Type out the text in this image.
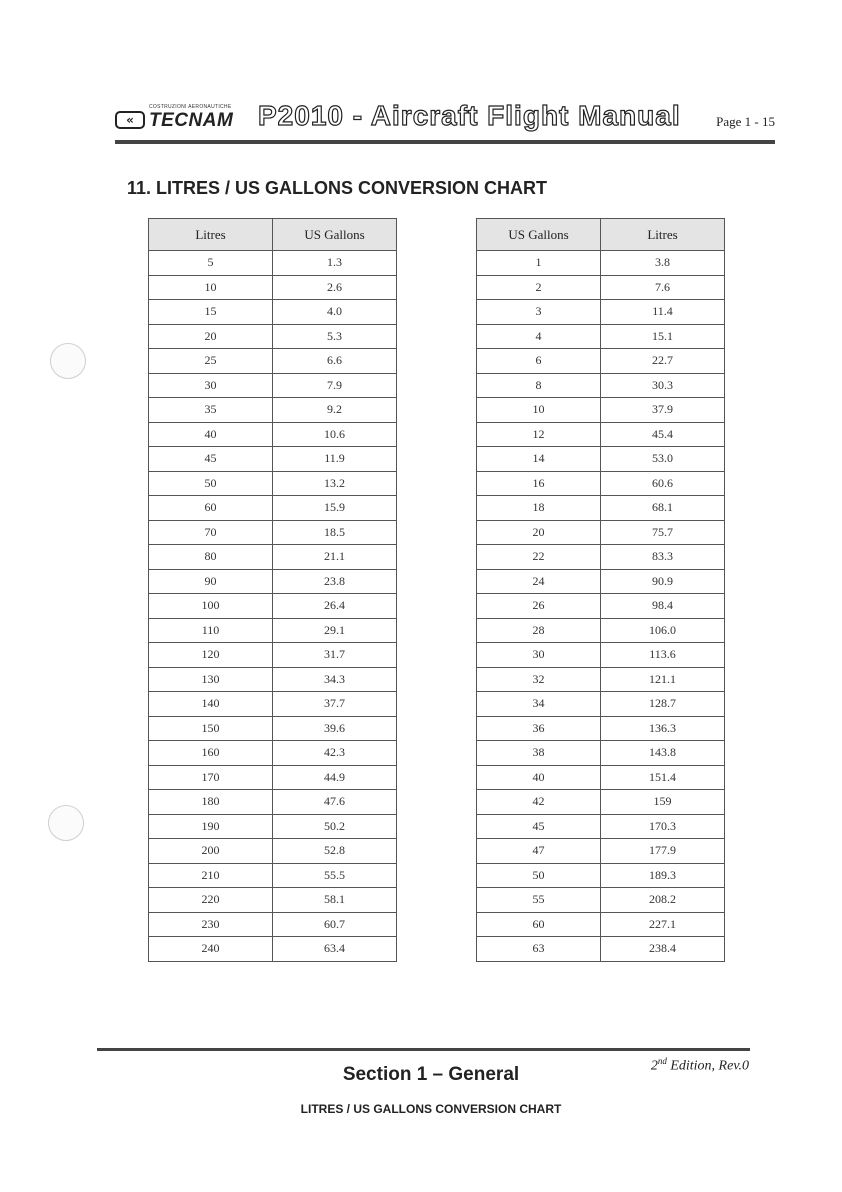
COSTRUZIONI AERONAUTICHE
« TECNAM P2010 - Aircraft Flight Manual	Page 1 - 15
11. LITRES / US GALLONS CONVERSION CHART
Litres	US Gallons
5	1.3
10	2.6
15	4.0
20	5.3
25	6.6
30	7.9
35	9.2
40	10.6
45	11.9
50	13.2
60	15.9
70	18.5
80	21.1
90	23.8
100	26.4
110	29.1
120	31.7
130	34.3
140	37.7
150	39.6
160	42.3
170	44.9
180	47.6
190	50.2
200	52.8
210	55.5
220	58.1
230	60.7
240	63.4
US Gallons	Litres
1	3.8
2	7.6
3	11.4
4	15.1
6	22.7
8	30.3
10	37.9
12	45.4
14	53.0
16	60.6
18	68.1
20	75.7
22	83.3
24	90.9
26	98.4
28	106.0
30	113.6
32	121.1
34	128.7
36	136.3
38	143.8
40	151.4
42	159
45	170.3
47	177.9
50	189.3
55	208.2
60	227.1
63	238.4
2nd Edition, Rev.0
Section 1 – General
LITRES / US GALLONS CONVERSION CHART
